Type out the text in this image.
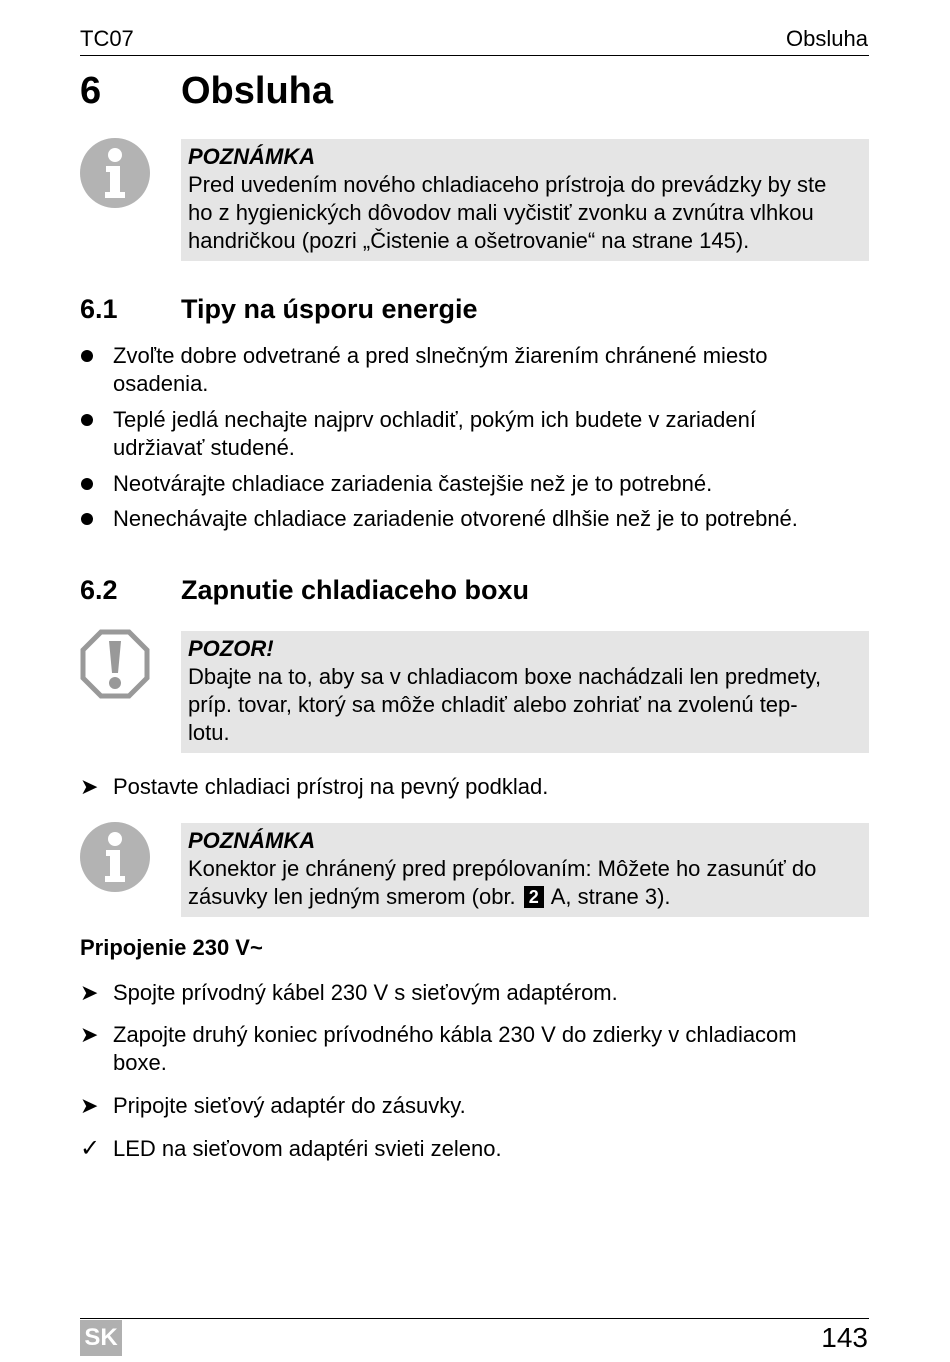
TC07	Obsluha
6 Obsluha
POZNÁMKA
Pred uvedením nového chladiaceho prístroja do prevádzky by ste
ho z hygienických dôvodov mali vyčistiť zvonku a zvnútra vlhkou
handričkou (pozri „Čistenie a ošetrovanie“ na strane 145).
6.1 Tipy na úsporu energie
Zvoľte dobre odvetrané a pred slnečným žiarením chránené miesto
osadenia.
Teplé jedlá nechajte najprv ochladiť, pokým ich budete v zariadení
udržiavať studené.
Neotvárajte chladiace zariadenia častejšie než je to potrebné.
Nenechávajte chladiace zariadenie otvorené dlhšie než je to potrebné.
6.2 Zapnutie chladiaceho boxu
POZOR!
Dbajte na to, aby sa v chladiacom boxe nachádzali len predmety,
príp. tovar, ktorý sa môže chladiť alebo zohriať na zvolenú tep-
lotu.
➤ Postavte chladiaci prístroj na pevný podklad.
POZNÁMKA
Konektor je chránený pred prepólovaním: Môžete ho zasunúť do
zásuvky len jedným smerom (obr. 2 A, strane 3).
Pripojenie 230 V~
➤ Spojte prívodný kábel 230 V s sieťovým adaptérom.
➤ Zapojte druhý koniec prívodného kábla 230 V do zdierky v chladiacom
boxe.
➤ Pripojte sieťový adaptér do zásuvky.
✓ LED na sieťovom adaptéri svieti zeleno.
SK	143
